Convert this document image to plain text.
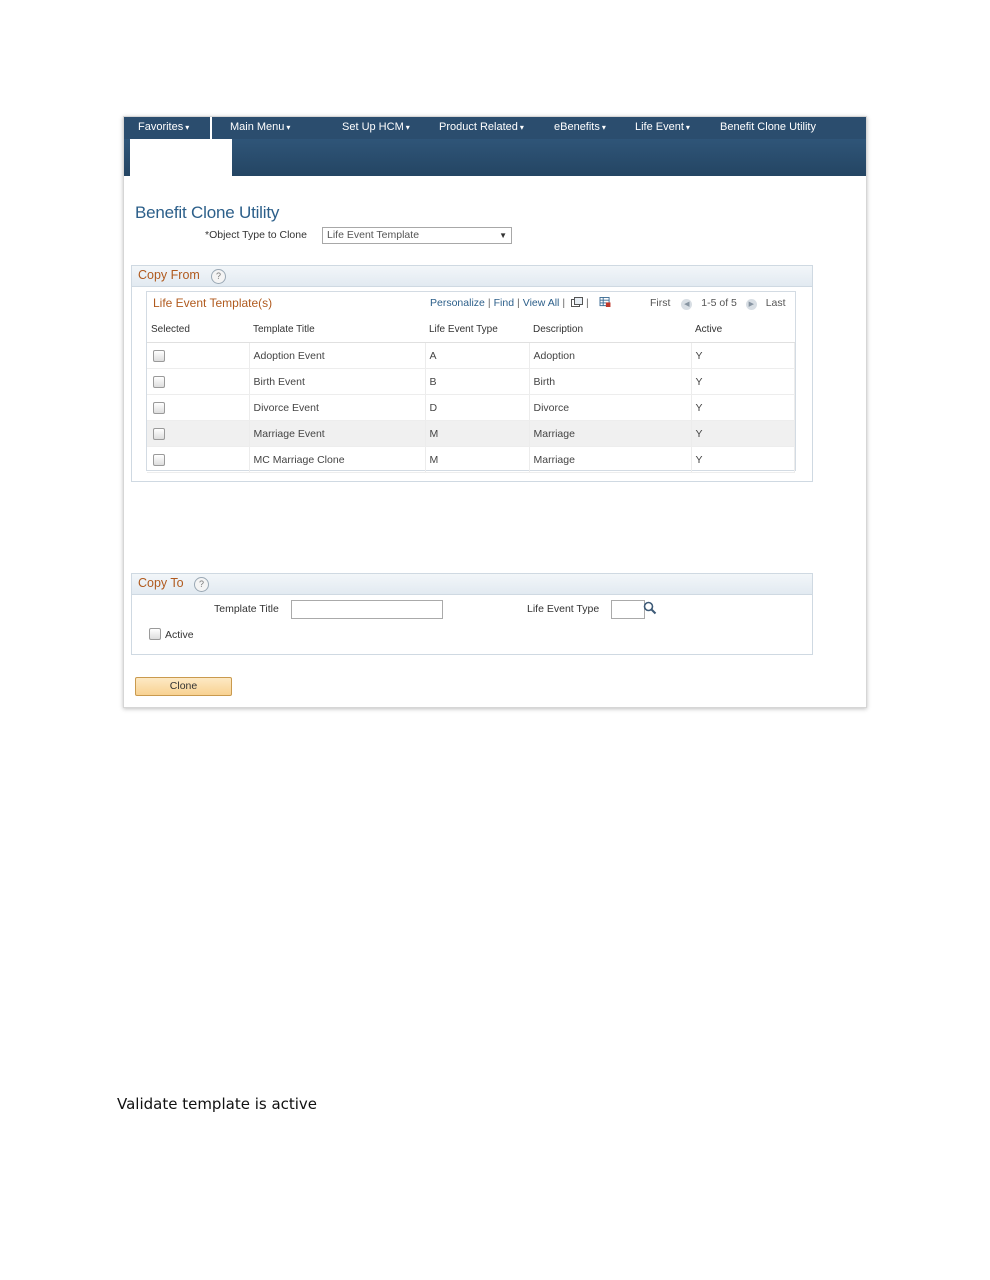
Favorites ▾	Main Menu ▾	Set Up HCM ▾	Product Related ▾	eBenefits ▾	Life Event ▾	Benefit Clone Utility
Benefit Clone Utility
*Object Type to Clone	Life Event Template	▼
Copy From	?
Life Event Template(s)	Personalize | Find | View All | |	First ◀ 1-5 of 5 ▶ Last
Selected	Template Title	Life Event Type	Description	Active
	Adoption Event	A	Adoption	Y
	Birth Event	B	Birth	Y
	Divorce Event	D	Divorce	Y
	Marriage Event	M	Marriage	Y
	MC Marriage Clone	M	Marriage	Y
Copy To	?
Template Title	Life Event Type
Active
Clone
Validate template is active
